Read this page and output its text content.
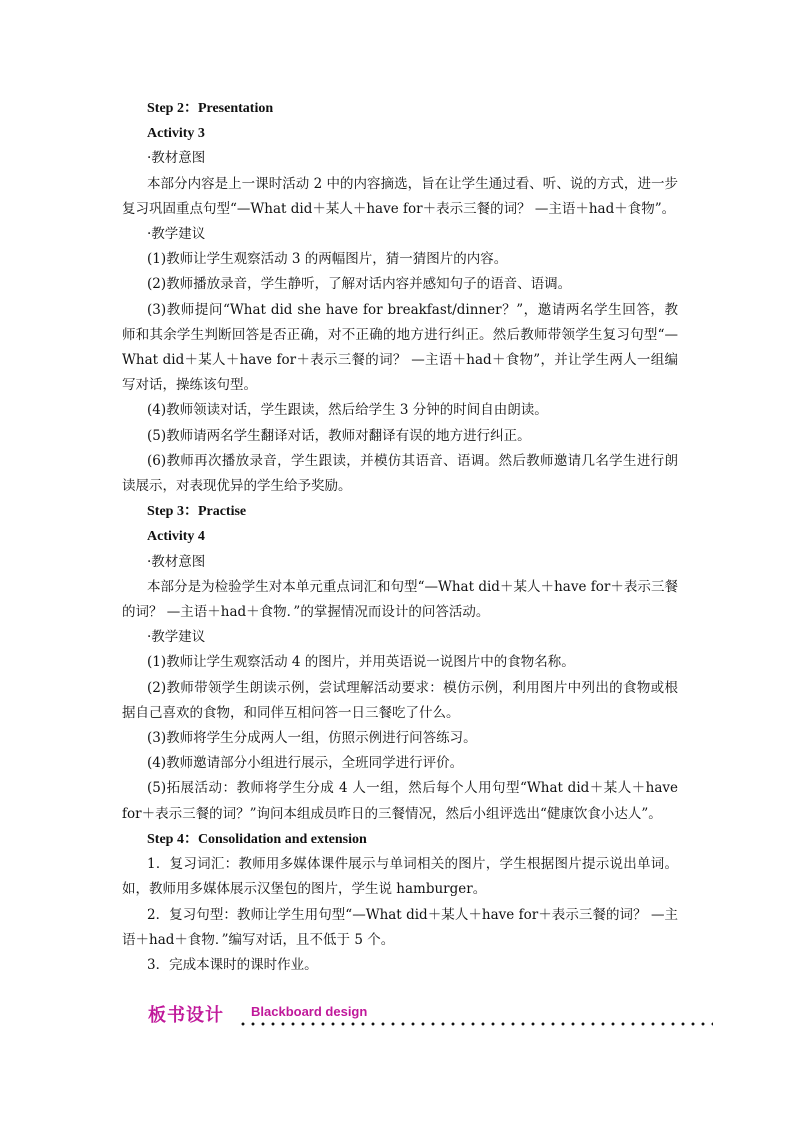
Step 2：Presentation
Activity 3
·教材意图
本部分内容是上一课时活动 2 中的内容摘选，旨在让学生通过看、听、说的方式，进一步复习巩固重点句型“—What did＋某人＋have for＋表示三餐的词？ —主语＋had＋食物”。
·教学建议
(1)教师让学生观察活动 3 的两幅图片，猜一猜图片的内容。
(2)教师播放录音，学生静听，了解对话内容并感知句子的语音、语调。
(3)教师提问“What did she have for breakfast/dinner？”，邀请两名学生回答，教师和其余学生判断回答是否正确，对不正确的地方进行纠正。然后教师带领学生复习句型“—What did＋某人＋have for＋表示三餐的词？ —主语＋had＋食物”，并让学生两人一组编写对话，操练该句型。
(4)教师领读对话，学生跟读，然后给学生 3 分钟的时间自由朗读。
(5)教师请两名学生翻译对话，教师对翻译有误的地方进行纠正。
(6)教师再次播放录音，学生跟读，并模仿其语音、语调。然后教师邀请几名学生进行朗读展示，对表现优异的学生给予奖励。
Step 3：Practise
Activity 4
·教材意图
本部分是为检验学生对本单元重点词汇和句型“—What did＋某人＋have for＋表示三餐的词？ —主语＋had＋食物．”的掌握情况而设计的问答活动。
·教学建议
(1)教师让学生观察活动 4 的图片，并用英语说一说图片中的食物名称。
(2)教师带领学生朗读示例，尝试理解活动要求：模仿示例，利用图片中列出的食物或根据自己喜欢的食物，和同伴互相问答一日三餐吃了什么。
(3)教师将学生分成两人一组，仿照示例进行问答练习。
(4)教师邀请部分小组进行展示，全班同学进行评价。
(5)拓展活动：教师将学生分成 4 人一组，然后每个人用句型“What did＋某人＋have for＋表示三餐的词？”询问本组成员昨日的三餐情况，然后小组评选出“健康饮食小达人”。
Step 4：Consolidation and extension
1．复习词汇：教师用多媒体课件展示与单词相关的图片，学生根据图片提示说出单词。如，教师用多媒体展示汉堡包的图片，学生说 hamburger。
2．复习句型：教师让学生用句型“—What did＋某人＋have for＋表示三餐的词？ —主语＋had＋食物．”编写对话，且不低于 5 个。
3．完成本课时的课时作业。
板书设计 Blackboard design
